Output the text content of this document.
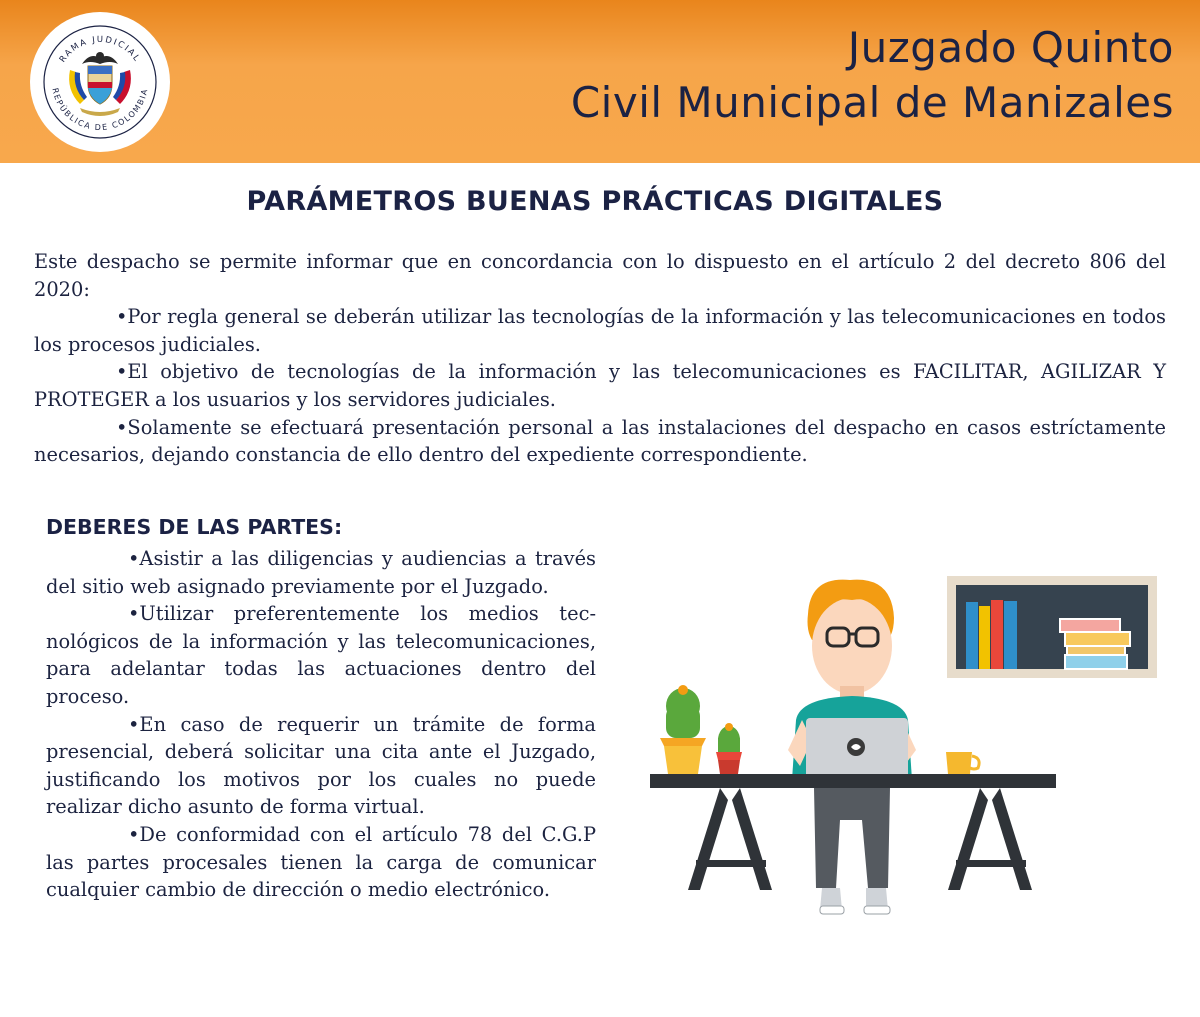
RAMA JUDICIAL
REPÚBLICA DE COLOMBIA
Juzgado Quinto
Civil Municipal de Manizales
PARÁMETROS BUENAS PRÁCTICAS DIGITALES

Este despacho se permite informar que en concordancia con lo dispuesto en el artículo 2 del decreto 806 del 2020:

•Por regla general se deberán utilizar las tecnologías de la información y las telecomunicaciones en todos los procesos judiciales.

•El objetivo de tecnologías de la información y las telecomunicaciones es FACILITAR, AGILIZAR Y PROTEGER a los usuarios y los servidores judiciales.

•Solamente se efectuará presentación personal a las instalaciones del despacho en casos estríctamente necesarios, dejando constancia de ello dentro del expediente correspondiente.

DEBERES DE LAS PARTES:

•Asistir a las diligencias y audiencias a través del sitio web asignado previamente por el Juzgado.

•Utilizar preferentemente los medios tecnológicos de la información y las telecomunicaciones, para adelantar todas las actuaciones dentro del proceso.

•En caso de requerir un trámite de forma presencial, deberá solicitar una cita ante el Juzgado, justificando los motivos por los cuales no puede realizar dicho asunto de forma virtual.

•De conformidad con el artículo 78 del C.G.P las partes procesales tienen la carga de comunicar cualquier cambio de dirección o medio electrónico.
